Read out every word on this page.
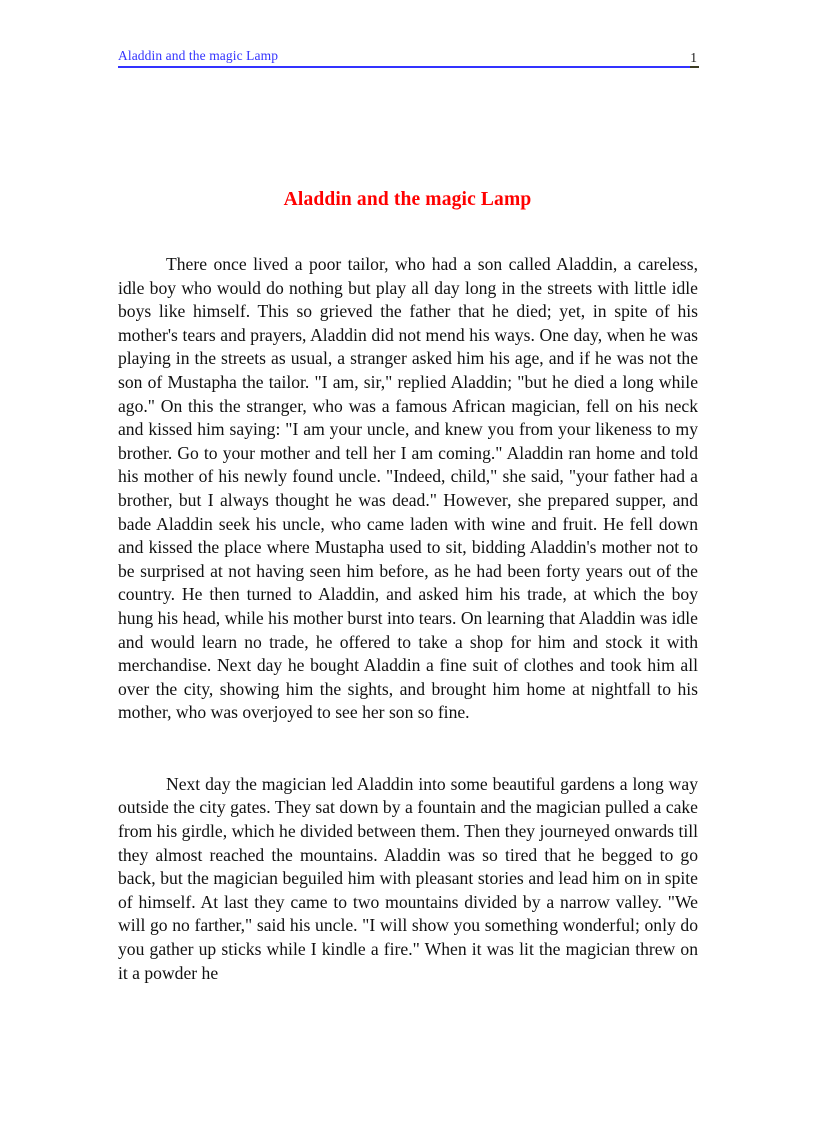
Aladdin and the magic Lamp	1
Aladdin and the magic Lamp

There once lived a poor tailor, who had a son called Aladdin, a careless, idle boy who would do nothing but play all day long in the streets with little idle boys like himself. This so grieved the father that he died; yet, in spite of his mother's tears and prayers, Aladdin did not mend his ways. One day, when he was playing in the streets as usual, a stranger asked him his age, and if he was not the son of Mustapha the tailor. "I am, sir," replied Aladdin; "but he died a long while ago." On this the stranger, who was a famous African magician, fell on his neck and kissed him saying: "I am your uncle, and knew you from your likeness to my brother. Go to your mother and tell her I am coming." Aladdin ran home and told his mother of his newly found uncle. "Indeed, child," she said, "your father had a brother, but I always thought he was dead." However, she prepared supper, and bade Aladdin seek his uncle, who came laden with wine and fruit. He fell down and kissed the place where Mustapha used to sit, bidding Aladdin's mother not to be surprised at not having seen him before, as he had been forty years out of the country. He then turned to Aladdin, and asked him his trade, at which the boy hung his head, while his mother burst into tears. On learning that Aladdin was idle and would learn no trade, he offered to take a shop for him and stock it with merchandise. Next day he bought Aladdin a fine suit of clothes and took him all over the city, showing him the sights, and brought him home at nightfall to his mother, who was overjoyed to see her son so fine.

Next day the magician led Aladdin into some beautiful gardens a long way outside the city gates. They sat down by a fountain and the magician pulled a cake from his girdle, which he divided between them. Then they journeyed onwards till they almost reached the mountains. Aladdin was so tired that he begged to go back, but the magician beguiled him with pleasant stories and lead him on in spite of himself. At last they came to two mountains divided by a narrow valley. "We will go no farther," said his uncle. "I will show you something wonderful; only do you gather up sticks while I kindle a fire." When it was lit the magician threw on it a powder he
